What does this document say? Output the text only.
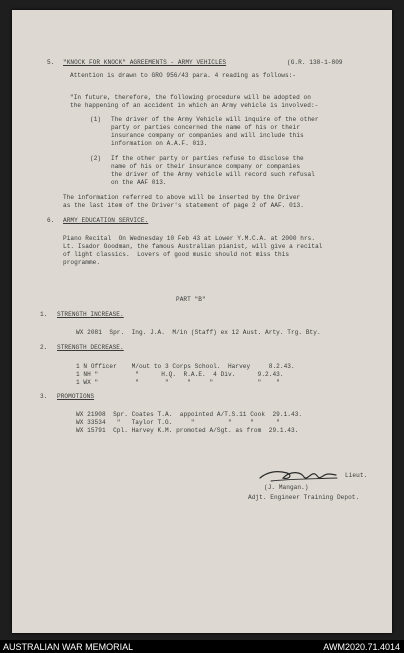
5. "KNOCK FOR KNOCK" AGREEMENTS - ARMY VEHICLES	(G.R. 138-1-809
Attention is drawn to GRO 956/43 para. 4 reading as follows:-
"In future, therefore, the following procedure will be adopted on
the happening of an accident in which an Army vehicle is involved:-
(1) The driver of the Army Vehicle will inquire of the other
party or parties concerned the name of his or their
insurance company or companies and will include this
information on A.A.F. 013.
(2) If the other party or parties refuse to disclose the
name of his or their insurance company or companies
the driver of the Army vehicle will record such refusal
on the AAF 013.
The information referred to above will be inserted by the Driver
as the last item of the Driver's statement of page 2 of AAF. 013.
6. ARMY EDUCATION SERVICE.
Piano Recital  On Wednesday 10 Feb 43 at Lower Y.M.C.A. at 2000 hrs.
Lt. Isador Goodman, the famous Australian pianist, will give a recital
of light classics.  Lovers of good music should not miss this
programme.
PART "B"
1. STRENGTH INCREASE.
WX 2081  Spr.  Ing. J.A.  M/in (Staff) ex 12 Aust. Arty. Trg. Bty.
2. STRENGTH DECREASE.
1 N Officer    M/out to 3 Corps School.  Harvey     8.2.43.
1 NH "          "      H.Q.  R.A.E.  4 Div.      9.2.43.
1 WX "          "       "     "     "            "    "
3. PROMOTIONS
WX 21908  Spr. Coates T.A.  appointed A/T.S.11 Cook  29.1.43.
WX 33534   "   Taylor T.G.     "         "     "      "
WX 15791  Cpl. Harvey K.M. promoted A/Sgt. as from  29.1.43.
Lieut.
(J. Mangan.)
Adjt. Engineer Training Depot.
AUSTRALIAN WAR MEMORIAL	AWM2020.71.4014
